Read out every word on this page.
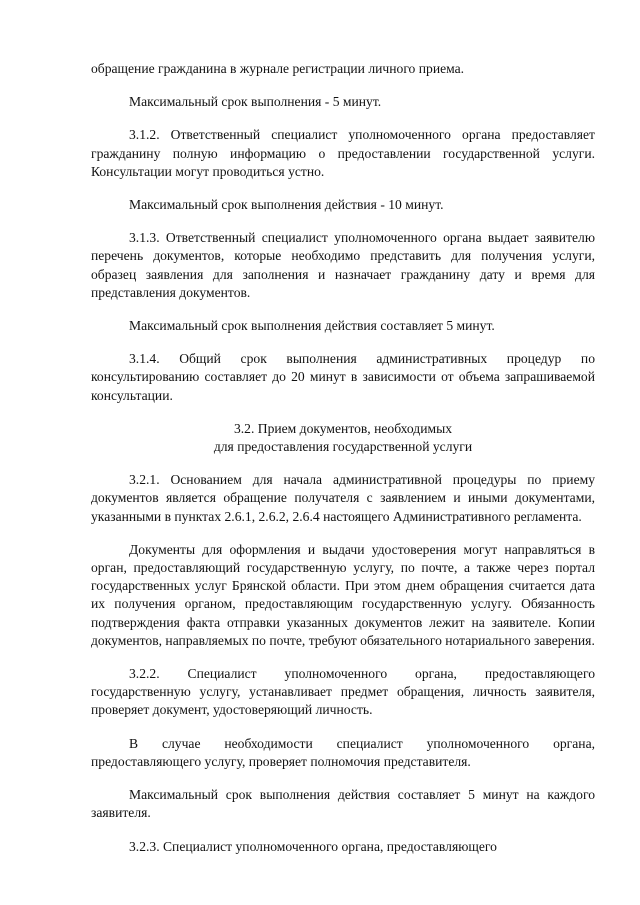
обращение гражданина в журнале регистрации личного приема.

Максимальный срок выполнения - 5 минут.

3.1.2. Ответственный специалист уполномоченного органа предоставляет гражданину полную информацию о предоставлении государственной услуги. Консультации могут проводиться устно.

Максимальный срок выполнения действия - 10 минут.

3.1.3. Ответственный специалист уполномоченного органа выдает заявителю перечень документов, которые необходимо представить для получения услуги, образец заявления для заполнения и назначает гражданину дату и время для представления документов.

Максимальный срок выполнения действия составляет 5 минут.

3.1.4. Общий срок выполнения административных процедур по консультированию составляет до 20 минут в зависимости от объема запрашиваемой консультации.

3.2. Прием документов, необходимых
для предоставления государственной услуги

3.2.1. Основанием для начала административной процедуры по приему документов является обращение получателя с заявлением и иными документами, указанными в пунктах 2.6.1, 2.6.2, 2.6.4 настоящего Административного регламента.

Документы для оформления и выдачи удостоверения могут направляться в орган, предоставляющий государственную услугу, по почте, а также через портал государственных услуг Брянской области. При этом днем обращения считается дата их получения органом, предоставляющим государственную услугу. Обязанность подтверждения факта отправки указанных документов лежит на заявителе. Копии документов, направляемых по почте, требуют обязательного нотариального заверения.

3.2.2. Специалист уполномоченного органа, предоставляющего государственную услугу, устанавливает предмет обращения, личность заявителя, проверяет документ, удостоверяющий личность.

В случае необходимости специалист уполномоченного органа, предоставляющего услугу, проверяет полномочия представителя.

Максимальный срок выполнения действия составляет 5 минут на каждого заявителя.

3.2.3. Специалист уполномоченного органа, предоставляющего
